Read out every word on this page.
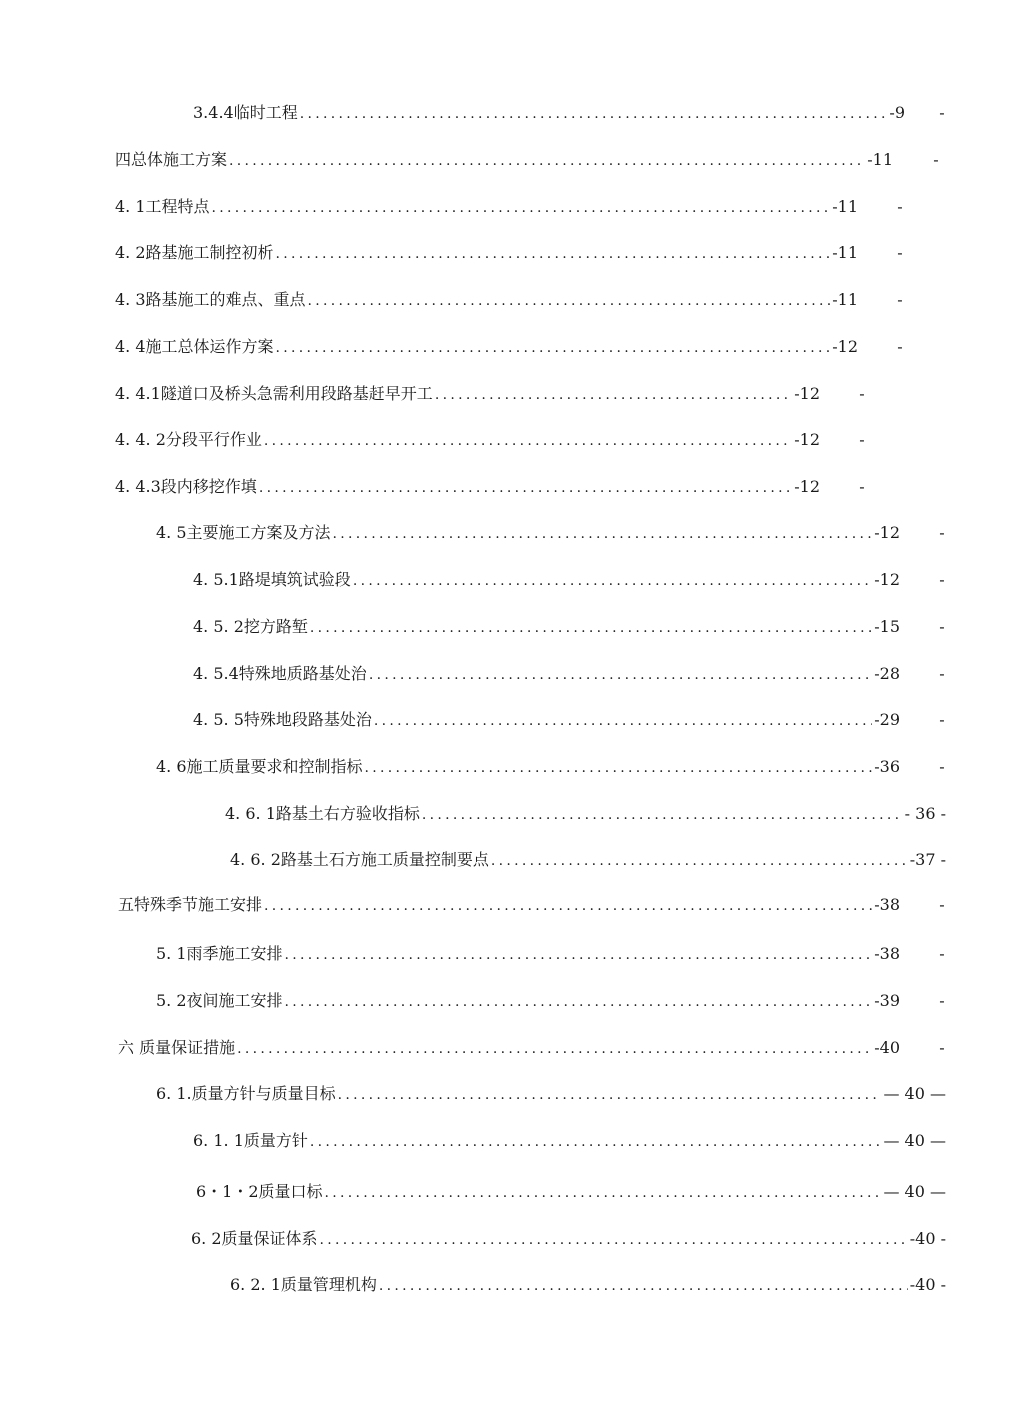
3.4.4临时工程 .....	-9 -
四总体施工方案 .....	-11	-
4. 1工程特点 .....	-11 -
4. 2路基施工制控初析 .....	-11 -
4. 3路基施工的难点、重点 .....	-11 -
4. 4施工总体运作方案 .....	-12 -
4. 4.1隧道口及桥头急需利用段路基赶早开工 .....	-12 -
4. 4. 2分段平行作业 .....	-12 -
4. 4.3段内移挖作填 .....	-12 -
4. 5主要施工方案及方法 .....	-12 -
4. 5.1路堤填筑试验段 .....	-12 -
4. 5. 2挖方路堑 .....	-15 -
4. 5.4特殊地质路基处治 .....	-28 -
4. 5. 5特殊地段路基处治 .....	-29 -
4. 6施工质量要求和控制指标 .....	-36 -
4. 6. 1路基土右方验收指标 .....	- 36 -
4. 6. 2路基土石方施工质量控制要点 .....	-37 -
五特殊季节施工安排 .....	-38 -
5. 1雨季施工安排 .....	-38 -
5. 2夜间施工安排 .....	-39 -
六 质量保证措施 .....	-40 -
6. 1.质量方针与质量目标 .....	— 40 —
6. 1. 1质量方针 .....	— 40 —
6・1・2质量口标 .....	— 40 —
6. 2质量保证体系 .....	-40 -
6. 2. 1质量管理机构 .....	-40 -
